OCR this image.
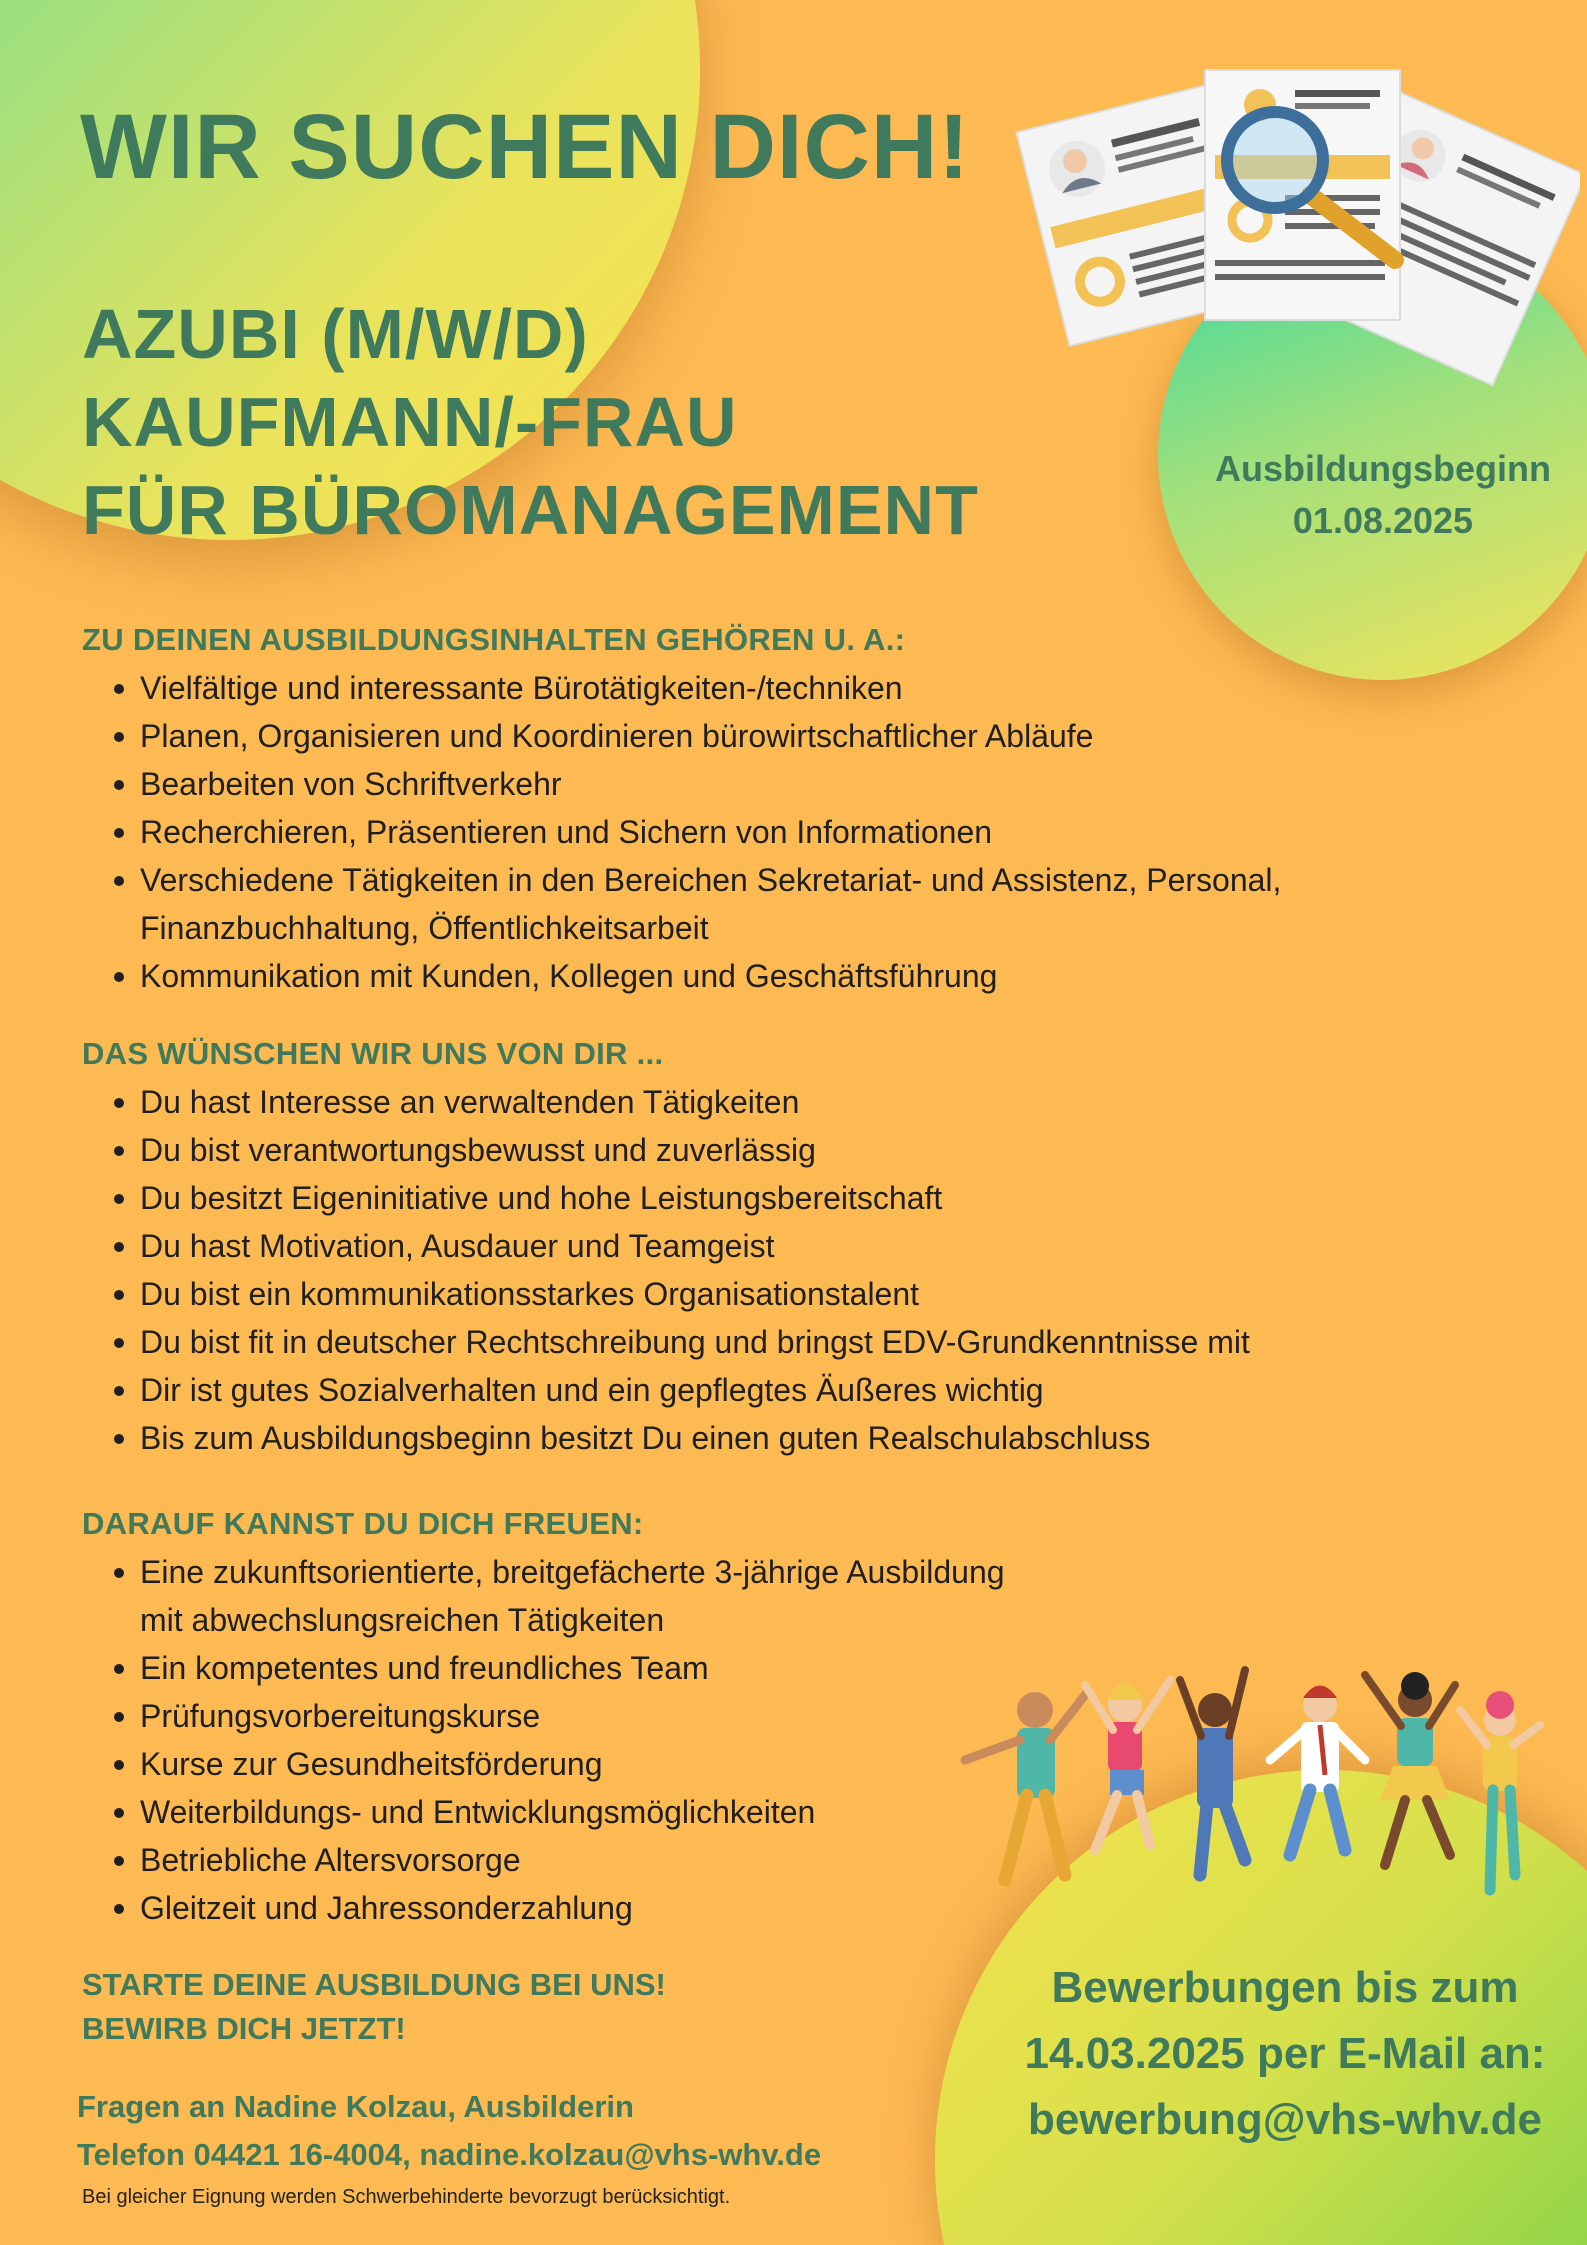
WIR SUCHEN DICH!
AZUBI (M/W/D)
KAUFMANN/-FRAU
FÜR BÜROMANAGEMENT
Ausbildungsbeginn
01.08.2025
ZU DEINEN AUSBILDUNGSINHALTEN GEHÖREN U. A.:
Vielfältige und interessante Bürotätigkeiten-/techniken
Planen, Organisieren und Koordinieren bürowirtschaftlicher Abläufe
Bearbeiten von Schriftverkehr
Recherchieren, Präsentieren und Sichern von Informationen
Verschiedene Tätigkeiten in den Bereichen Sekretariat- und Assistenz, Personal,
Finanzbuchhaltung, Öffentlichkeitsarbeit
Kommunikation mit Kunden, Kollegen und Geschäftsführung
DAS WÜNSCHEN WIR UNS VON DIR ...
Du hast Interesse an verwaltenden Tätigkeiten
Du bist verantwortungsbewusst und zuverlässig
Du besitzt Eigeninitiative und hohe Leistungsbereitschaft
Du hast Motivation, Ausdauer und Teamgeist
Du bist ein kommunikationsstarkes Organisationstalent
Du bist fit in deutscher Rechtschreibung und bringst EDV-Grundkenntnisse mit
Dir ist gutes Sozialverhalten und ein gepflegtes Äußeres wichtig
Bis zum Ausbildungsbeginn besitzt Du einen guten Realschulabschluss
DARAUF KANNST DU DICH FREUEN:
Eine zukunftsorientierte, breitgefächerte 3-jährige Ausbildung
mit abwechslungsreichen Tätigkeiten
Ein kompetentes und freundliches Team
Prüfungsvorbereitungskurse
Kurse zur Gesundheitsförderung
Weiterbildungs- und Entwicklungsmöglichkeiten
Betriebliche Altersvorsorge
Gleitzeit und Jahressonderzahlung
STARTE DEINE AUSBILDUNG BEI UNS!
BEWIRB DICH JETZT!
Fragen an Nadine Kolzau, Ausbilderin
Telefon 04421 16-4004, nadine.kolzau@vhs-whv.de
Bei gleicher Eignung werden Schwerbehinderte bevorzugt berücksichtigt.
Bewerbungen bis zum
14.03.2025 per E-Mail an:
bewerbung@vhs-whv.de
